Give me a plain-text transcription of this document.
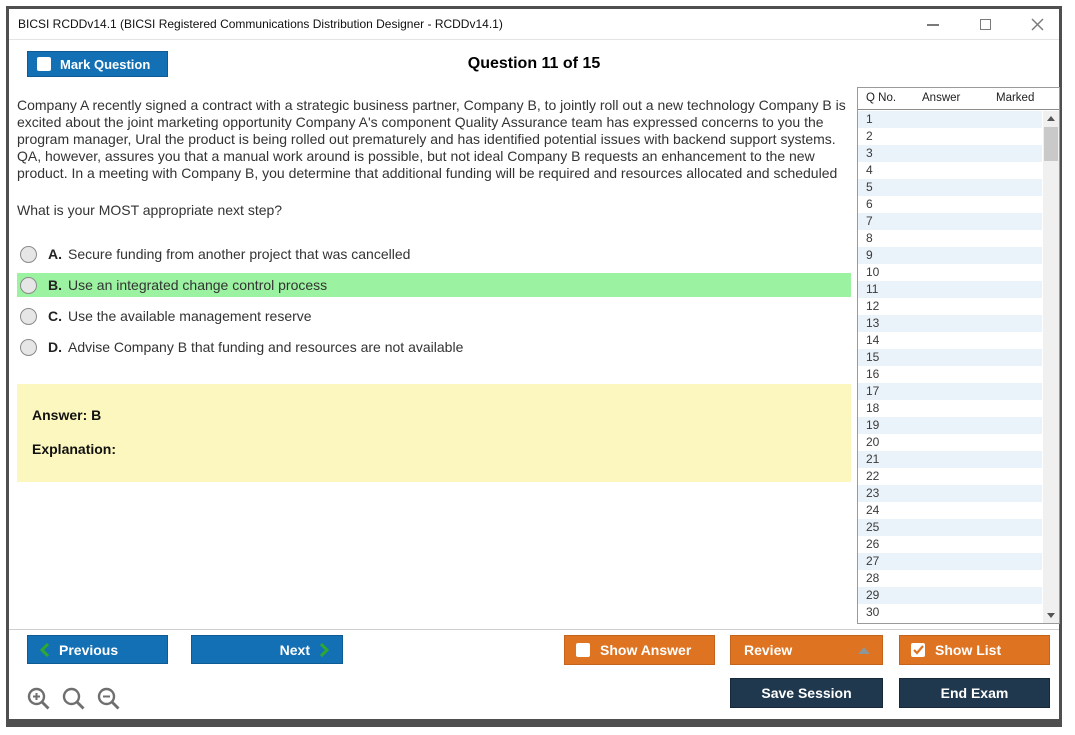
BICSI RCDDv14.1 (BICSI Registered Communications Distribution Designer - RCDDv14.1)
Question 11 of 15
Mark Question
Company A recently signed a contract with a strategic business partner, Company B, to jointly roll out a new technology Company B is excited about the joint marketing opportunity Company A's component Quality Assurance team has expressed concerns to you the program manager, Ural the product is being rolled out prematurely and has identified potential issues with backend support systems. QA, however, assures you that a manual work around is possible, but not ideal Company B requests an enhancement to the new product. In a meeting with Company B, you determine that additional funding will be required and resources allocated and scheduled
What is your MOST appropriate next step?
A. Secure funding from another project that was cancelled
B. Use an integrated change control process
C. Use the available management reserve
D. Advise Company B that funding and resources are not available
Answer: B
Explanation:
Q No. Answer	Marked
1
2
3
4
5
6
7
8
9
10
11
12
13
14
15
16
17
18
19
20
21
22
23
24
25
26
27
28
29
30
Previous	Next	Show Answer	Review	Show List
Save Session	End Exam
